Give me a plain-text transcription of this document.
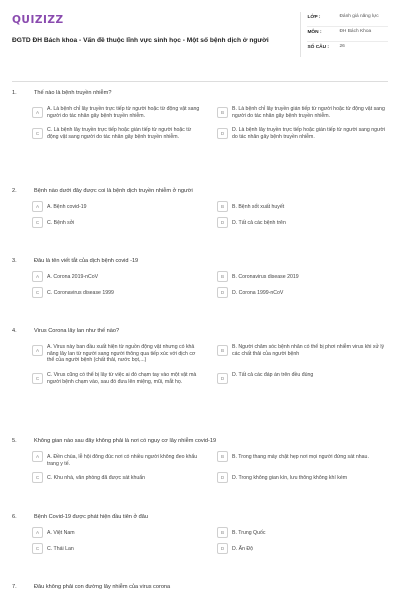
QUIZIZZ
ĐGTD ĐH Bách khoa - Vấn đề thuộc lĩnh vực sinh học - Một số bệnh dịch ở người
LỚP :	Đánh giá năng lực
MÔN :	ĐH Bách Khoa
SỐ CÂU :	26
1.	Thế nào là bệnh truyền nhiễm?
A
A. Là bệnh chỉ lây truyền trực tiếp từ người hoặc từ động vật sang người do tác nhân gây bệnh truyền nhiễm.
B
B. Là bệnh chỉ lây truyền gián tiếp từ người hoặc từ động vật sang người do tác nhân gây bệnh truyền nhiễm.
C
C. Là bệnh lây truyền trực tiếp hoặc gián tiếp từ người hoặc từ động vật sang người do tác nhân gây bệnh truyền nhiễm.
D
D. Là bệnh lây truyền trực tiếp hoặc gián tiếp từ người sang người do tác nhân gây bệnh truyền nhiễm.
2.	Bệnh nào dưới đây được coi là bệnh dịch truyền nhiễm ở người
A	A. Bệnh covid-19	B	B. Bệnh sốt xuất huyết
C	C. Bệnh sởi	D	D. Tất cả các bệnh trên
3.	Đâu là tên viết tắt của dịch bệnh covid -19
A	A. Corona 2019-nCoV	B	B. Coronavirus disease 2019
C	C. Coronavirus disease 1999	D	D. Corona 1999-nCoV
4.	Virus Corona lây lan như thế nào?
A
A. Virus này ban đầu xuất hiện từ nguồn động vật nhưng có khả năng lây lan từ người sang người thông qua tiếp xúc với dịch cơ thể của người bệnh (chất thải, nước bọt,...)
B
B. Người chăm sóc bệnh nhân có thể bị phơi nhiễm virus khi xử lý các chất thải của người bệnh
C
C. Virus cũng có thể bị lây từ việc ai đó chạm tay vào một vật mà người bệnh chạm vào, sau đó đưa lên miệng, mũi, mắt họ.
D
D. Tất cả các đáp án trên đều đúng
5.	Không gian nào sau đây không phải là nơi có nguy cơ lây nhiễm covid-19
A	A. Đền chùa, lễ hội đông đúc nơi có nhiều người không đeo khẩu trang y tế.
B	B. Trong thang máy chật hẹp nơi mọi người đứng sát nhau.
C	C. Khu nhà, văn phòng đã được sát khuẩn	D	D. Trong không gian kín, lưu thông không khí kém
6.	Bệnh Covid-19 được phát hiện đầu tiên ở đâu
A	A. Việt Nam	B	B. Trung Quốc
C	C. Thái Lan	D	D. Ấn Độ
7.	Đâu không phải con đường lây nhiễm của virus corona
